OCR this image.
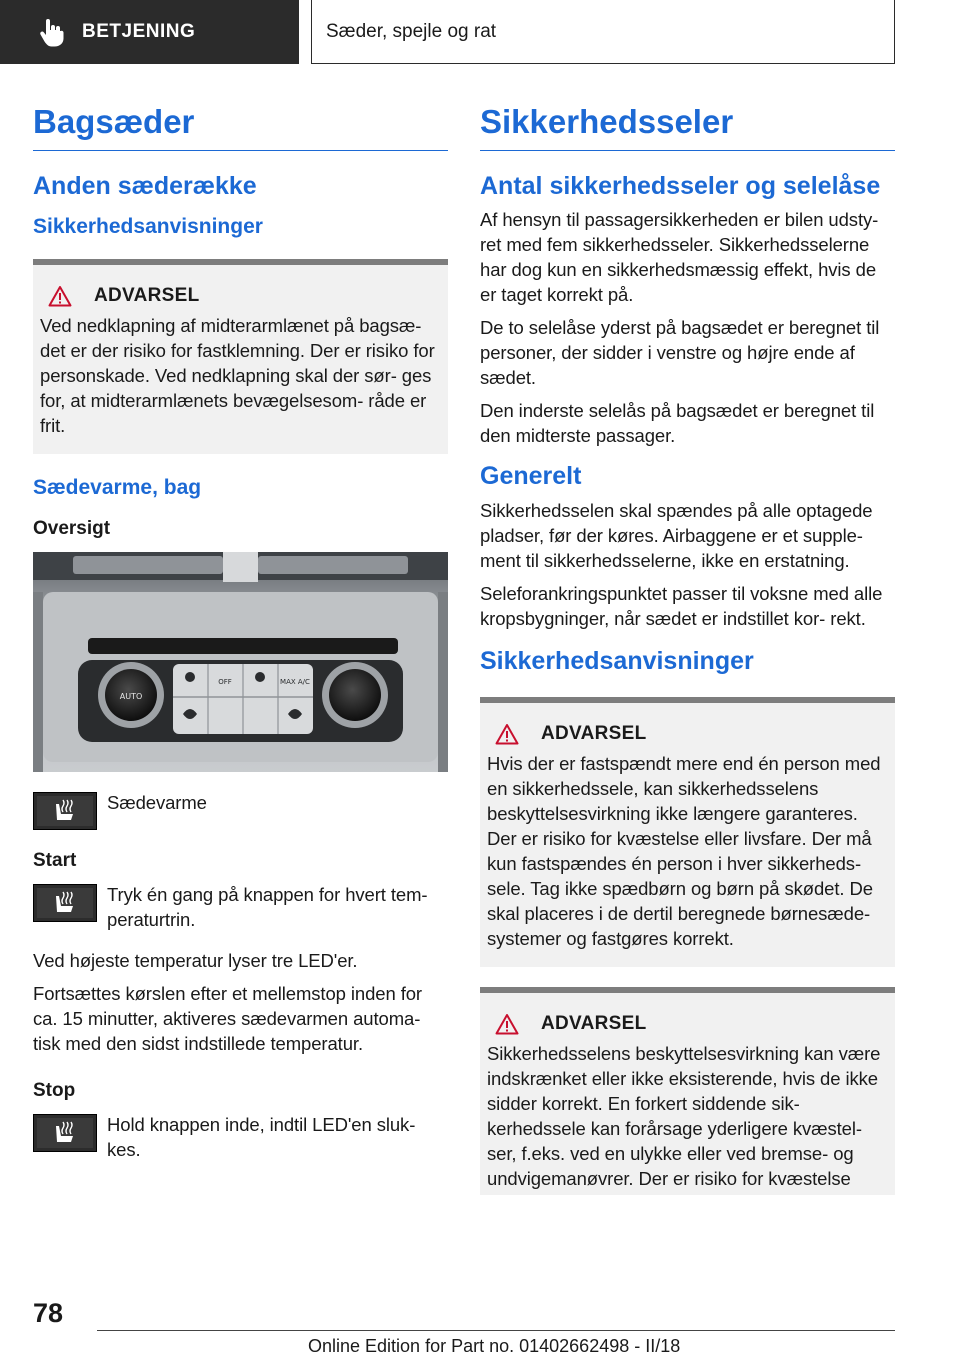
BETJENING	Sæder, spejle og rat
Bagsæder
Anden sæderække
Sikkerhedsanvisninger
ADVARSEL

Ved nedklapning af midterarmlænet på bagsæ- det er der risiko for fastklemning. Der er risiko for personskade. Ved nedklapning skal der sør- ges for, at midterarmlænets bevægelsesom- råde er frit.

Sædevarme, bag
Oversigt
OFF	MAX A/C
AUTO

Sædevarme

Start

Tryk én gang på knappen for hvert tem- peraturtrin.

Ved højeste temperatur lyser tre LED'er.

Fortsættes kørslen efter et mellemstop inden for ca. 15 minutter, aktiveres sædevarmen automa- tisk med den sidst indstillede temperatur.

Stop

Hold knappen inde, indtil LED'en sluk- kes.

Sikkerhedsseler
Antal sikkerhedsseler og selelåse

Af hensyn til passagersikkerheden er bilen udsty- ret med fem sikkerhedsseler. Sikkerhedsselerne har dog kun en sikkerhedsmæssig effekt, hvis de er taget korrekt på.

De to selelåse yderst på bagsædet er beregnet til personer, der sidder i venstre og højre ende af sædet.

Den inderste selelås på bagsædet er beregnet til den midterste passager.

Generelt

Sikkerhedsselen skal spændes på alle optagede pladser, før der køres. Airbaggene er et supple- ment til sikkerhedsselerne, ikke en erstatning.

Seleforankringspunktet passer til voksne med alle kropsbygninger, når sædet er indstillet kor- rekt.

Sikkerhedsanvisninger
ADVARSEL

Hvis der er fastspændt mere end én person med en sikkerhedssele, kan sikkerhedsselens beskyttelsesvirkning ikke længere garanteres. Der er risiko for kvæstelse eller livsfare. Der må kun fastspændes én person i hver sikkerheds- sele. Tag ikke spædbørn og børn på skødet. De skal placeres i de dertil beregnede børnesæde- systemer og fastgøres korrekt.

ADVARSEL

Sikkerhedsselens beskyttelsesvirkning kan være indskrænket eller ikke eksisterende, hvis de ikke sidder korrekt. En forkert siddende sik- kerhedssele kan forårsage yderligere kvæstel- ser, f.eks. ved en ulykke eller ved bremse- og undvigemanøvrer. Der er risiko for kvæstelse

78
Online Edition for Part no. 01402662498 - II/18
